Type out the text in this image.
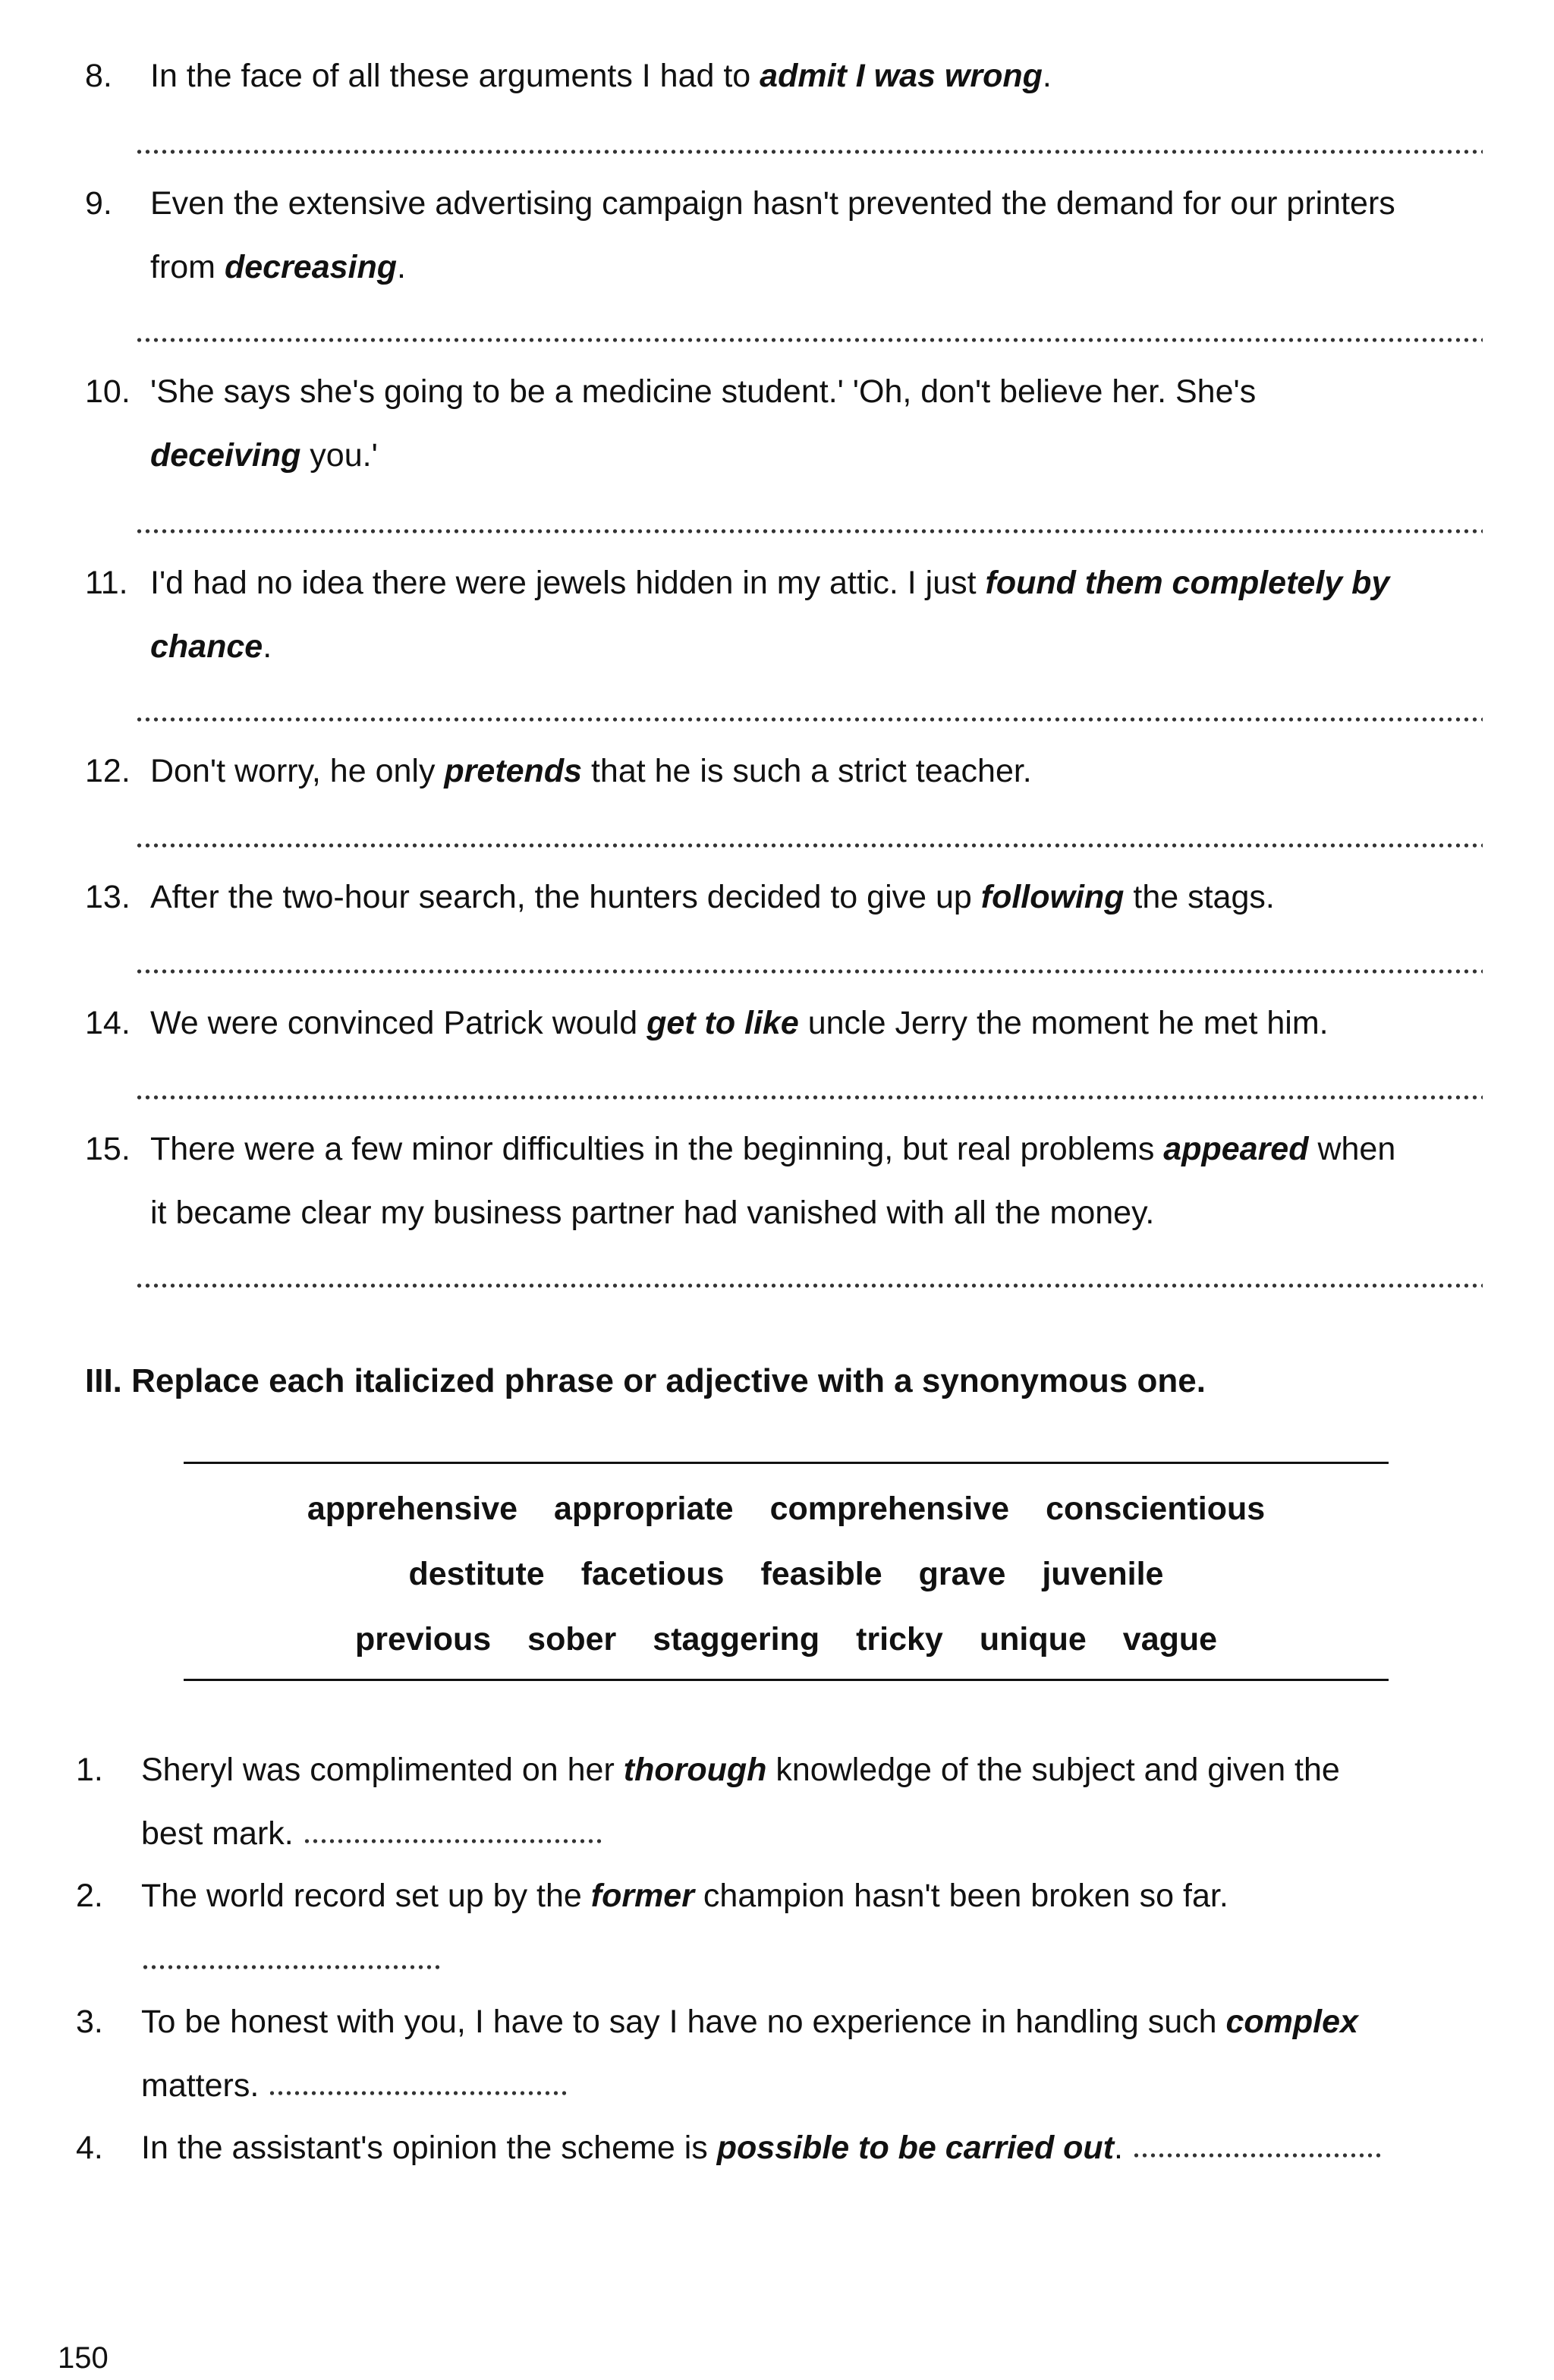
8. In the face of all these arguments I had to admit I was wrong.
9. Even the extensive advertising campaign hasn't prevented the demand for our printers
from decreasing.
10. 'She says she's going to be a medicine student.' 'Oh, don't believe her. She's
deceiving you.'
11. I'd had no idea there were jewels hidden in my attic. I just found them completely by
chance.
12. Don't worry, he only pretends that he is such a strict teacher.
13. After the two-hour search, the hunters decided to give up following the stags.
14. We were convinced Patrick would get to like uncle Jerry the moment he met him.
15. There were a few minor difficulties in the beginning, but real problems appeared when
it became clear my business partner had vanished with all the money.
III. Replace each italicized phrase or adjective with a synonymous one.
apprehensive appropriate comprehensive conscientious
destitute facetious feasible grave juvenile
previous sober staggering tricky unique vague
1. Sheryl was complimented on her thorough knowledge of the subject and given the
best mark.
2. The world record set up by the former champion hasn't been broken so far.
3. To be honest with you, I have to say I have no experience in handling such complex
matters.
4. In the assistant's opinion the scheme is possible to be carried out.
150
